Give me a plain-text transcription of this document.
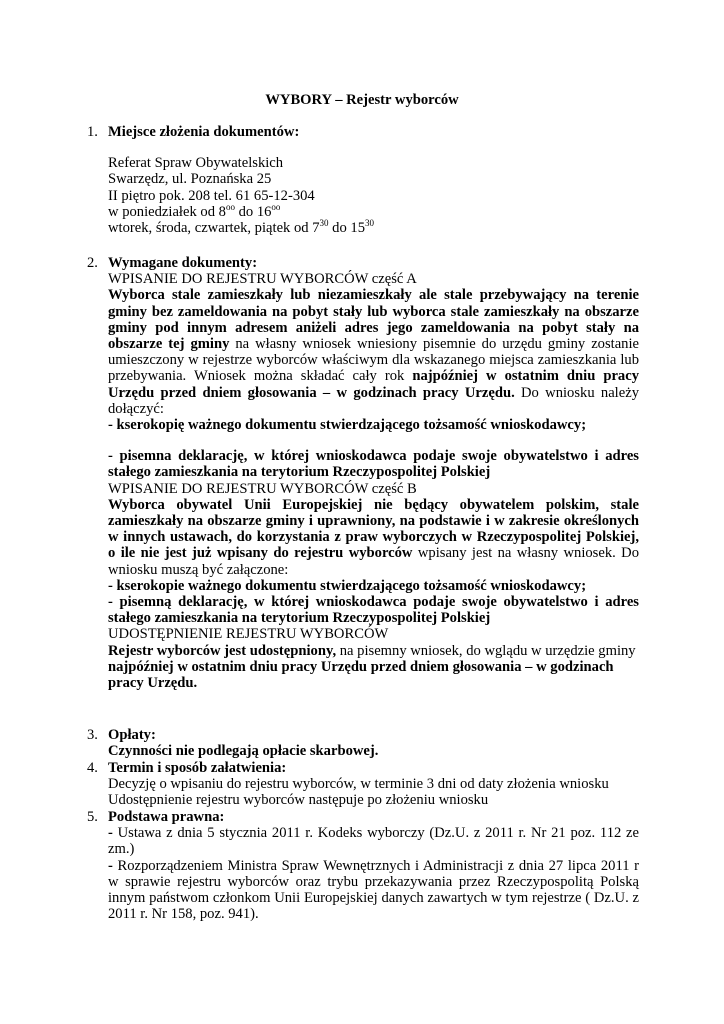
WYBORY – Rejestr wyborców
1. Miejsce złożenia dokumentów:

Referat Spraw Obywatelskich

Swarzędz, ul. Poznańska 25

II piętro pok. 208 tel. 61 65-12-304

w poniedziałek od $8^{oo}$ do $16^{oo}$

wtorek, środa, czwartek, piątek od $7^{30}$ do $15^{30}$

2. Wymagane dokumenty:

WPISANIE DO REJESTRU WYBORCÓW część A

Wyborca stale zamieszkały lub niezamieszkały ale stale przebywający na terenie gminy bez zameldowania na pobyt stały lub wyborca stale zamieszkały na obszarze gminy pod innym adresem aniżeli adres jego zameldowania na pobyt stały na obszarze tej gminy na własny wniosek wniesiony pisemnie do urzędu gminy zostanie umieszczony w rejestrze wyborców właściwym dla wskazanego miejsca zamieszkania lub przebywania. Wniosek można składać cały rok najpóźniej w ostatnim dniu pracy Urzędu przed dniem głosowania – w godzinach pracy Urzędu. Do wniosku należy dołączyć:

- kserokopię ważnego dokumentu stwierdzającego tożsamość wnioskodawcy;

- pisemna deklarację, w której wnioskodawca podaje swoje obywatelstwo i adres stałego zamieszkania na terytorium Rzeczypospolitej Polskiej

WPISANIE DO REJESTRU WYBORCÓW część B

Wyborca obywatel Unii Europejskiej nie będący obywatelem polskim, stale zamieszkały na obszarze gminy i uprawniony, na podstawie i w zakresie określonych w innych ustawach, do korzystania z praw wyborczych w Rzeczypospolitej Polskiej, o ile nie jest już wpisany do rejestru wyborców wpisany jest na własny wniosek. Do wniosku muszą być załączone:

- kserokopie ważnego dokumentu stwierdzającego tożsamość wnioskodawcy;

- pisemną deklarację, w której wnioskodawca podaje swoje obywatelstwo i adres stałego zamieszkania na terytorium Rzeczypospolitej Polskiej

UDOSTĘPNIENIE REJESTRU WYBORCÓW

Rejestr wyborców jest udostępniony, na pisemny wniosek, do wglądu w urzędzie gminy najpóźniej w ostatnim dniu pracy Urzędu przed dniem głosowania – w godzinach pracy Urzędu.

3. Opłaty:

Czynności nie podlegają opłacie skarbowej.

4. Termin i sposób załatwienia:

Decyzję o wpisaniu do rejestru wyborców, w terminie 3 dni od daty złożenia wniosku

Udostępnienie rejestru wyborców następuje po złożeniu wniosku

5. Podstawa prawna:

- Ustawa z dnia 5 stycznia 2011 r. Kodeks wyborczy (Dz.U. z 2011 r. Nr 21 poz. 112 ze zm.)

- Rozporządzeniem Ministra Spraw Wewnętrznych i Administracji z dnia 27 lipca 2011 r w sprawie rejestru wyborców oraz trybu przekazywania przez Rzeczypospolitą Polską innym państwom członkom Unii Europejskiej danych zawartych w tym rejestrze ( Dz.U. z 2011 r. Nr 158, poz. 941).
